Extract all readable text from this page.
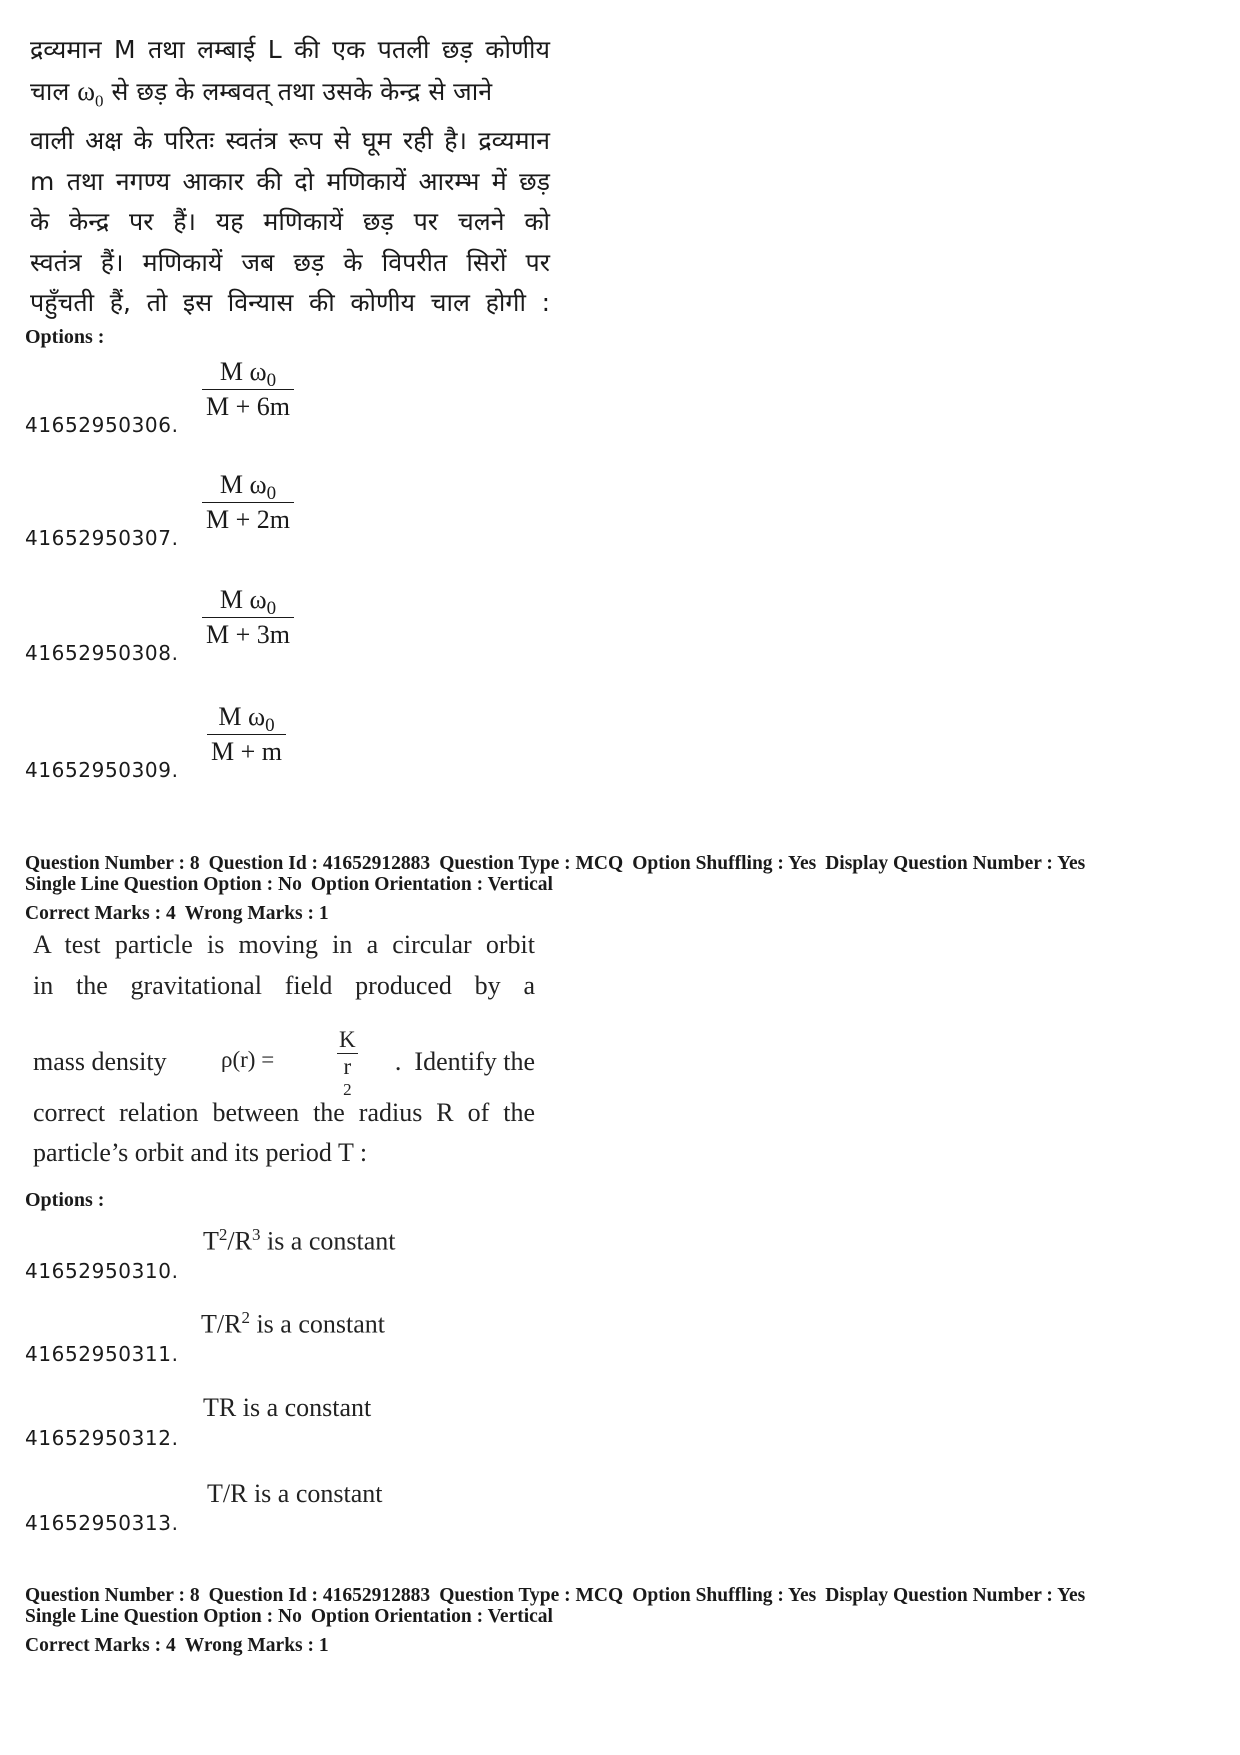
द्रव्यमान M तथा लम्बाई L की एक पतली छड़ कोणीय
चाल $\omega_0$ से छड़ के लम्बवत् तथा उसके केन्द्र से जाने
वाली अक्ष के परितः स्वतंत्र रूप से घूम रही है। द्रव्यमान
m तथा नगण्य आकार की दो मणिकायें आरम्भ में छड़
के केन्द्र पर हैं। यह मणिकायें छड़ पर चलने को
स्वतंत्र हैं। मणिकायें जब छड़ के विपरीत सिरों पर
पहुँचती हैं, तो इस विन्यास की कोणीय चाल होगी :
Options :
41652950306.
$\frac{M \omega_0}{M + 6m}$
41652950307.
$\frac{M \omega_0}{M + 2m}$
41652950308.
$\frac{M \omega_0}{M + 3m}$
41652950309.
$\frac{M \omega_0}{M + m}$
Question Number : 8 Question Id : 41652912883 Question Type : MCQ Option Shuffling : Yes Display Question Number : Yes
Single Line Question Option : No Option Orientation : Vertical
Correct Marks : 4 Wrong Marks : 1
A test particle is moving in a circular orbit
in the gravitational field produced by a
mass density ρ(r) =	K
r
$^2$	.  Identify the
correct relation between the radius R of the
particle’s orbit and its period T :
Options :
41652950310.
$T^2/R^3$ is a constant
41652950311.
$T/R^2$ is a constant
41652950312.
TR is a constant
41652950313.
T/R is a constant
Question Number : 8 Question Id : 41652912883 Question Type : MCQ Option Shuffling : Yes Display Question Number : Yes
Single Line Question Option : No Option Orientation : Vertical
Correct Marks : 4 Wrong Marks : 1
